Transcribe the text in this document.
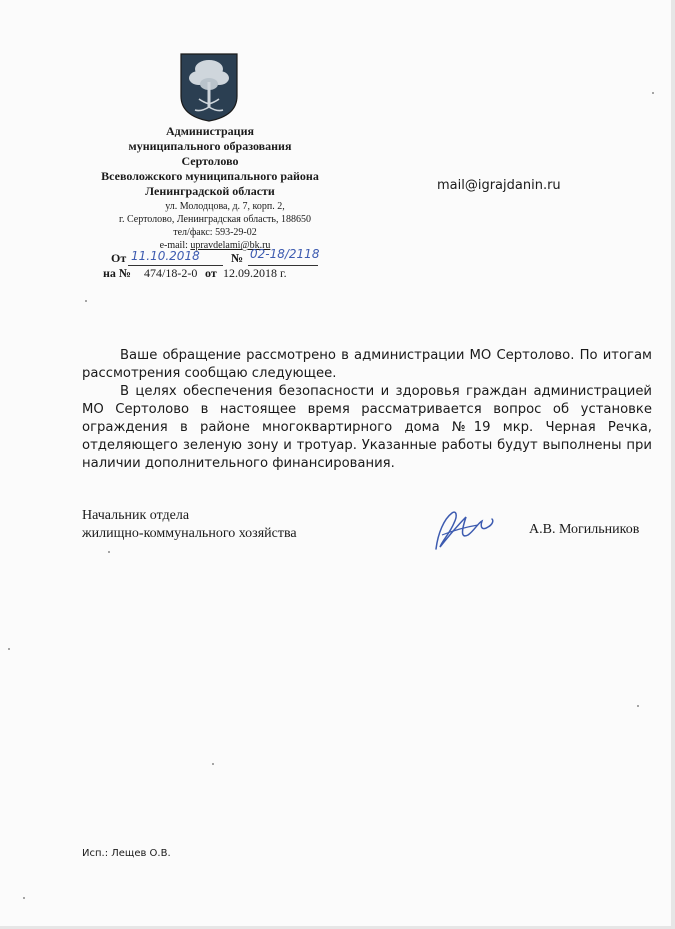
Администрация
муниципального образования
Сертолово
Всеволожского муниципального района
Ленинградской области
ул. Молодцова, д. 7, корп. 2,
г. Сертолово, Ленинградская область, 188650
тел/факс: 593-29-02
e-mail: upravdelami@bk.ru
От 11.10.2018	№ 02-18/2118
на № 474/18-2-0 от 12.09.2018 г.
mail@igrajdanin.ru
Ваше обращение рассмотрено в администрации МО Сертолово. По итогам рассмотрения сообщаю следующее.
В целях обеспечения безопасности и здоровья граждан администрацией МО Сертолово в настоящее время рассматривается вопрос об установке ограждения в районе многоквартирного дома №19 мкр. Черная Речка, отделяющего зеленую зону и тротуар. Указанные работы будут выполнены при наличии дополнительного финансирования.
Начальник отдела
жилищно-коммунального хозяйства	А.В. Могильников
Исп.: Лещев О.В.
